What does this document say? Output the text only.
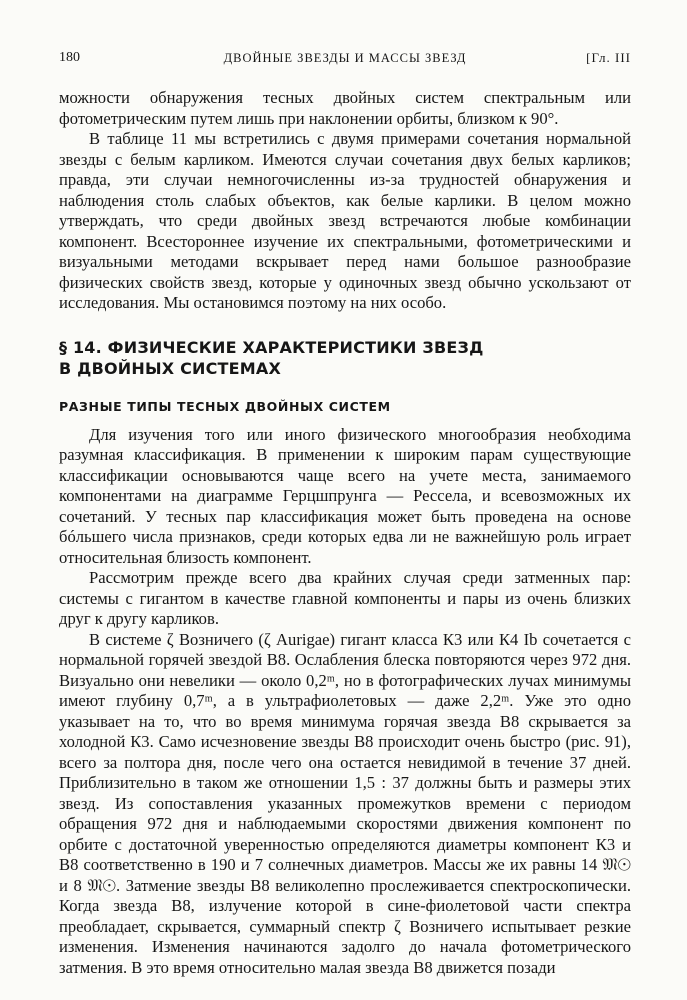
180	ДВОЙНЫЕ ЗВЕЗДЫ И МАССЫ ЗВЕЗД	[Гл. III

можности обнаружения тесных двойных систем спектральным или фотометрическим путем лишь при наклонении орбиты, близком к 90°.

В таблице 11 мы встретились с двумя примерами сочетания нормальной звезды с белым карликом. Имеются случаи сочетания двух белых карликов; правда, эти случаи немногочисленны из-за трудностей обнаружения и наблюдения столь слабых объектов, как белые карлики. В целом можно утверждать, что среди двойных звезд встречаются любые комбинации компонент. Всестороннее изучение их спектральными, фотометрическими и визуальными методами вскрывает перед нами большое разнообразие физических свойств звезд, которые у одиночных звезд обычно ускользают от исследования. Мы остановимся поэтому на них особо.

§ 14. ФИЗИЧЕСКИЕ ХАРАКТЕРИСТИКИ ЗВЕЗД
В ДВОЙНЫХ СИСТЕМАХ
РАЗНЫЕ ТИПЫ ТЕСНЫХ ДВОЙНЫХ СИСТЕМ

Для изучения того или иного физического многообразия необходима разумная классификация. В применении к широким парам существующие классификации основываются чаще всего на учете места, занимаемого компонентами на диаграмме Герцшпрунга — Рессела, и всевозможных их сочетаний. У тесных пар классификация может быть проведена на основе бóльшего числа признаков, среди которых едва ли не важнейшую роль играет относительная близость компонент.

Рассмотрим прежде всего два крайних случая среди затменных пар: системы с гигантом в качестве главной компоненты и пары из очень близких друг к другу карликов.

В системе ζ Возничего (ζ Aurigae) гигант класса К3 или К4 Ib сочетается с нормальной горячей звездой В8. Ослабления блеска повторяются через 972 дня. Визуально они невелики — около 0,2ᵐ, но в фотографических лучах минимумы имеют глубину 0,7ᵐ, а в ультрафиолетовых — даже 2,2ᵐ. Уже это одно указывает на то, что во время минимума горячая звезда В8 скрывается за холодной К3. Само исчезновение звезды В8 происходит очень быстро (рис. 91), всего за полтора дня, после чего она остается невидимой в течение 37 дней. Приблизительно в таком же отношении 1,5 : 37 должны быть и размеры этих звезд. Из сопоставления указанных промежутков времени с периодом обращения 972 дня и наблюдаемыми скоростями движения компонент по орбите с достаточной уверенностью определяются диаметры компонент К3 и В8 соответственно в 190 и 7 солнечных диаметров. Массы же их равны 14 𝔐☉ и 8 𝔐☉. Затмение звезды В8 великолепно прослеживается спектроскопически. Когда звезда В8, излучение которой в сине-фиолетовой части спектра преобладает, скрывается, суммарный спектр ζ Возничего испытывает резкие изменения. Изменения начинаются задолго до начала фотометрического затмения. В это время относительно малая звезда В8 движется позади
